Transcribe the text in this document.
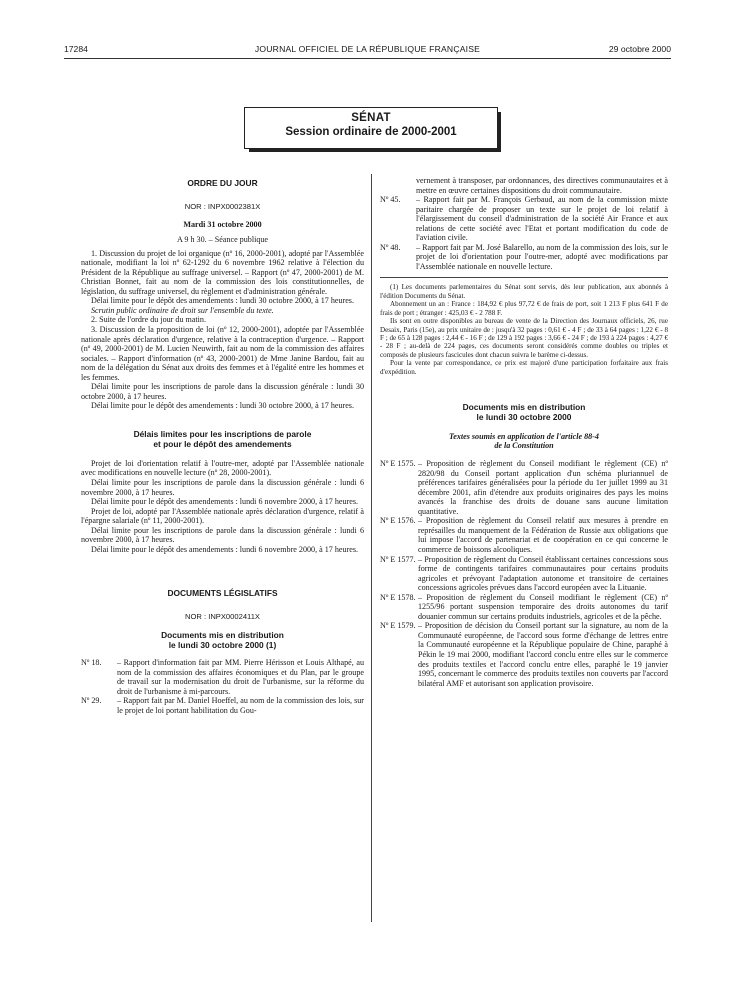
17284	JOURNAL OFFICIEL DE LA RÉPUBLIQUE FRANÇAISE	29 octobre 2000
SÉNAT
Session ordinaire de 2000-2001

ORDRE DU JOUR

NOR : INPX0002381X

Mardi 31 octobre 2000

A 9 h 30. – Séance publique

1. Discussion du projet de loi organique (nº 16, 2000-2001), adopté par l'Assemblée nationale, modifiant la loi nº 62-1292 du 6 novembre 1962 relative à l'élection du Président de la République au suffrage universel. – Rapport (nº 47, 2000-2001) de M. Christian Bonnet, fait au nom de la commission des lois constitutionnelles, de législation, du suffrage universel, du règlement et d'administration générale.

Délai limite pour le dépôt des amendements : lundi 30 octobre 2000, à 17 heures.

Scrutin public ordinaire de droit sur l'ensemble du texte.

2. Suite de l'ordre du jour du matin.

3. Discussion de la proposition de loi (nº 12, 2000-2001), adoptée par l'Assemblée nationale après déclaration d'urgence, relative à la contraception d'urgence. – Rapport (nº 49, 2000-2001) de M. Lucien Neuwirth, fait au nom de la commission des affaires sociales. – Rapport d'information (nº 43, 2000-2001) de Mme Janine Bardou, fait au nom de la délégation du Sénat aux droits des femmes et à l'égalité entre les hommes et les femmes.

Délai limite pour les inscriptions de parole dans la discussion générale : lundi 30 octobre 2000, à 17 heures.

Délai limite pour le dépôt des amendements : lundi 30 octobre 2000, à 17 heures.

Délais limites pour les inscriptions de parole

et pour le dépôt des amendements

Projet de loi d'orientation relatif à l'outre-mer, adopté par l'Assemblée nationale avec modifications en nouvelle lecture (nº 28, 2000-2001).

Délai limite pour les inscriptions de parole dans la discussion générale : lundi 6 novembre 2000, à 17 heures.

Délai limite pour le dépôt des amendements : lundi 6 novembre 2000, à 17 heures.

Projet de loi, adopté par l'Assemblée nationale après déclaration d'urgence, relatif à l'épargne salariale (nº 11, 2000-2001).

Délai limite pour les inscriptions de parole dans la discussion générale : lundi 6 novembre 2000, à 17 heures.

Délai limite pour le dépôt des amendements : lundi 6 novembre 2000, à 17 heures.

DOCUMENTS LÉGISLATIFS

NOR : INPX0002411X

Documents mis en distribution

le lundi 30 octobre 2000 (1)

Nº 18. – Rapport d'information fait par MM. Pierre Hérisson et Louis Althapé, au nom de la commission des affaires économiques et du Plan, par le groupe de travail sur la modernisation du droit de l'urbanisme, sur la réforme du droit de l'urbanisme à mi-parcours.

Nº 29. – Rapport fait par M. Daniel Hoeffel, au nom de la commission des lois, sur le projet de loi portant habilitation du Gou-

vernement à transposer, par ordonnances, des directives communautaires et à mettre en œuvre certaines dispositions du droit communautaire.

Nº 45. – Rapport fait par M. François Gerbaud, au nom de la commission mixte paritaire chargée de proposer un texte sur le projet de loi relatif à l'élargissement du conseil d'administration de la société Air France et aux relations de cette société avec l'Etat et portant modification du code de l'aviation civile.

Nº 48. – Rapport fait par M. José Balarello, au nom de la commission des lois, sur le projet de loi d'orientation pour l'outre-mer, adopté avec modifications par l'Assemblée nationale en nouvelle lecture.

(1) Les documents parlementaires du Sénat sont servis, dès leur publication, aux abonnés à l'édition Documents du Sénat.

Abonnement un an : France : 184,92 € plus 97,72 € de frais de port, soit 1 213 F plus 641 F de frais de port ; étranger : 425,03 € - 2 788 F.

Ils sont en outre disponibles au bureau de vente de la Direction des Journaux officiels, 26, rue Desaix, Paris (15e), au prix unitaire de : jusqu'à 32 pages : 0,61 € - 4 F ; de 33 à 64 pages : 1,22 € - 8 F ; de 65 à 128 pages : 2,44 € - 16 F ; de 129 à 192 pages : 3,66 € - 24 F ; de 193 à 224 pages : 4,27 € - 28 F ; au-delà de 224 pages, ces documents seront considérés comme doubles ou triples et composés de plusieurs fascicules dont chacun suivra le barème ci-dessus.

Pour la vente par correspondance, ce prix est majoré d'une participation forfaitaire aux frais d'expédition.

Documents mis en distribution

le lundi 30 octobre 2000

Textes soumis en application de l'article 88-4

de la Constitution

Nº E 1575. – Proposition de règlement du Conseil modifiant le règlement (CE) nº 2820/98 du Conseil portant application d'un schéma pluriannuel de préférences tarifaires généralisées pour la période du 1er juillet 1999 au 31 décembre 2001, afin d'étendre aux produits originaires des pays les moins avancés la franchise des droits de douane sans aucune limitation quantitative.

Nº E 1576. – Proposition de règlement du Conseil relatif aux mesures à prendre en représailles du manquement de la Fédération de Russie aux obligations que lui impose l'accord de partenariat et de coopération en ce qui concerne le commerce de boissons alcooliques.

Nº E 1577. – Proposition de règlement du Conseil établissant certaines concessions sous forme de contingents tarifaires communautaires pour certains produits agricoles et prévoyant l'adaptation autonome et transitoire de certaines concessions agricoles prévues dans l'accord européen avec la Lituanie.

Nº E 1578. – Proposition de règlement du Conseil modifiant le règlement (CE) nº 1255/96 portant suspension temporaire des droits autonomes du tarif douanier commun sur certains produits industriels, agricoles et de la pêche.

Nº E 1579. – Proposition de décision du Conseil portant sur la signature, au nom de la Communauté européenne, de l'accord sous forme d'échange de lettres entre la Communauté européenne et la République populaire de Chine, paraphé à Pékin le 19 mai 2000, modifiant l'accord conclu entre elles sur le commerce des produits textiles et l'accord conclu entre elles, paraphé le 19 janvier 1995, concernant le commerce des produits textiles non couverts par l'accord bilatéral AMF et autorisant son application provisoire.
